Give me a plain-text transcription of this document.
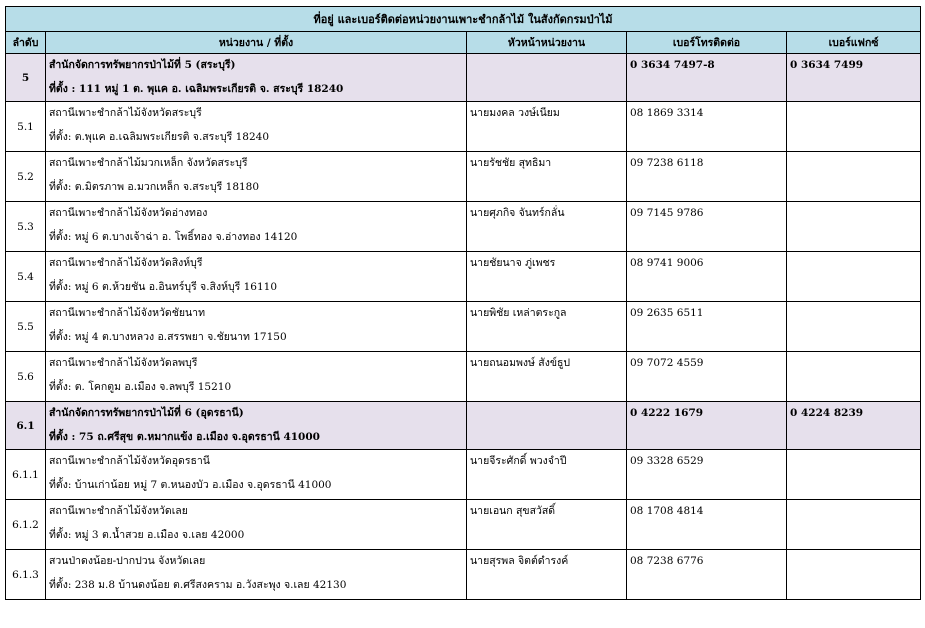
ที่อยู่ และเบอร์ติดต่อหน่วยงานเพาะชำกล้าไม้ ในสังกัดกรมป่าไม้				
ลำดับ	หน่วยงาน / ที่ตั้ง	หัวหน้าหน่วยงาน	เบอร์โทรติดต่อ	เบอร์แฟกซ์
5	สำนักจัดการทรัพยากรป่าไม้ที่ 5 (สระบุรี)
ที่ตั้ง : 111 หมู่ 1 ต. พุแค อ. เฉลิมพระเกียรติ จ. สระบุรี 18240		0 3634 7497-8	0 3634 7499

5.1	สถานีเพาะชำกล้าไม้จังหวัดสระบุรี
ที่ตั้ง: ต.พุแค อ.เฉลิมพระเกียรติ จ.สระบุรี 18240	นายมงคล วงษ์เนียม	08 1869 3314	

5.2	สถานีเพาะชำกล้าไม้มวกเหล็ก จังหวัดสระบุรี
ที่ตั้ง: ต.มิตรภาพ อ.มวกเหล็ก จ.สระบุรี 18180	นายรัชชัย สุทธิมา	09 7238 6118	

5.3	สถานีเพาะชำกล้าไม้จังหวัดอ่างทอง
ที่ตั้ง: หมู่ 6 ต.บางเจ้าฉ่า อ. โพธิ์ทอง จ.อ่างทอง 14120	นายศุภกิจ จันทร์กลั่น	09 7145 9786	

5.4	สถานีเพาะชำกล้าไม้จังหวัดสิงห์บุรี
ที่ตั้ง: หมู่ 6 ต.ห้วยชัน อ.อินทร์บุรี จ.สิงห์บุรี 16110	นายชัยนาจ ภู่เพชร	08 9741 9006	

5.5	สถานีเพาะชำกล้าไม้จังหวัดชัยนาท
ที่ตั้ง: หมู่ 4 ต.บางหลวง อ.สรรพยา จ.ชัยนาท 17150	นายพิชัย เหล่าตระกูล	09 2635 6511	

5.6	สถานีเพาะชำกล้าไม้จังหวัดลพบุรี
ที่ตั้ง: ต. โคกตูม อ.เมือง จ.ลพบุรี 15210	นายถนอมพงษ์ สังข์ธูป	09 7072 4559	

6.1	สำนักจัดการทรัพยากรป่าไม้ที่ 6 (อุดรธานี)
ที่ตั้ง : 75 ถ.ศรีสุข ต.หมากแข้ง อ.เมือง จ.อุดรธานี 41000		0 4222 1679	0 4224 8239

6.1.1	สถานีเพาะชำกล้าไม้จังหวัดอุดรธานี
ที่ตั้ง: บ้านเก่าน้อย หมู่ 7 ต.หนองบัว อ.เมือง จ.อุดรธานี 41000	นายจีระศักดิ์ พวงจำปี	09 3328 6529	

6.1.2	สถานีเพาะชำกล้าไม้จังหวัดเลย
ที่ตั้ง: หมู่ 3 ต.น้ำสวย อ.เมือง จ.เลย 42000	นายเอนก สุขสวัสดิ์	08 1708 4814	

6.1.3	สวนป่าดงน้อย-ปากปวน จังหวัดเลย
ที่ตั้ง: 238 ม.8 บ้านดงน้อย ต.ศรีสงคราม อ.วังสะพุง จ.เลย 42130	นายสุรพล จิตต์ดำรงค์	08 7238 6776	
